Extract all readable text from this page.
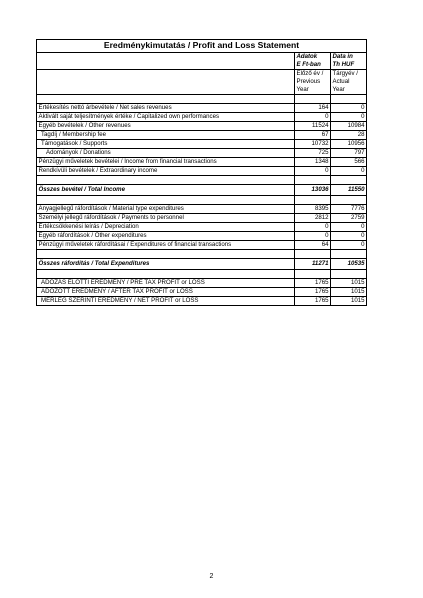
Eredménykimutatás / Profit and Loss Statement		
	Adatok	Data in
	E Ft-ban	Th HUF
	Előző év /	Tárgyév /
	Previous	Actual
	Year	Year

Értékesítés nettó árbevétele / Net sales revenues	164	0
Aktivált saját teljesítmények értéke / Capitalized own performances	0	0
Egyéb bevételek / Other revenues	11524	10984
Tagdíj / Membership fee	67	28
Támogatások / Supports	10732	10956
Adományok / Donations	725	797
Pénzügyi műveletek bevételei / Income from financial transactions	1348	566
Rendkívüli bevételek / Extraordinary income	0	0

Összes bevétel / Total Income	13036	11550

Anyagjellegű ráfordítások / Material type expenditures	8395	7776
Személyi jellegű ráfordítások / Payments to personnel	2812	2759
Értékcsökkenési leírás / Depreciation	0	0
Egyéb ráfordítások / Other expenditures	0	0
Pénzügyi műveletek ráfordításai / Expenditures of financial transactions	64	0

Összes ráfordítás / Total Expenditures	11271	10535

ADÓZÁS ELŐTTI EREDMÉNY / PRE TAX PROFIT or LOSS	1765	1015
ADÓZOTT EREDMÉNY / AFTER TAX PROFIT or LOSS	1765	1015
MÉRLEG SZERINTI EREDMÉNY / NET PROFIT or LOSS	1765	1015
2
